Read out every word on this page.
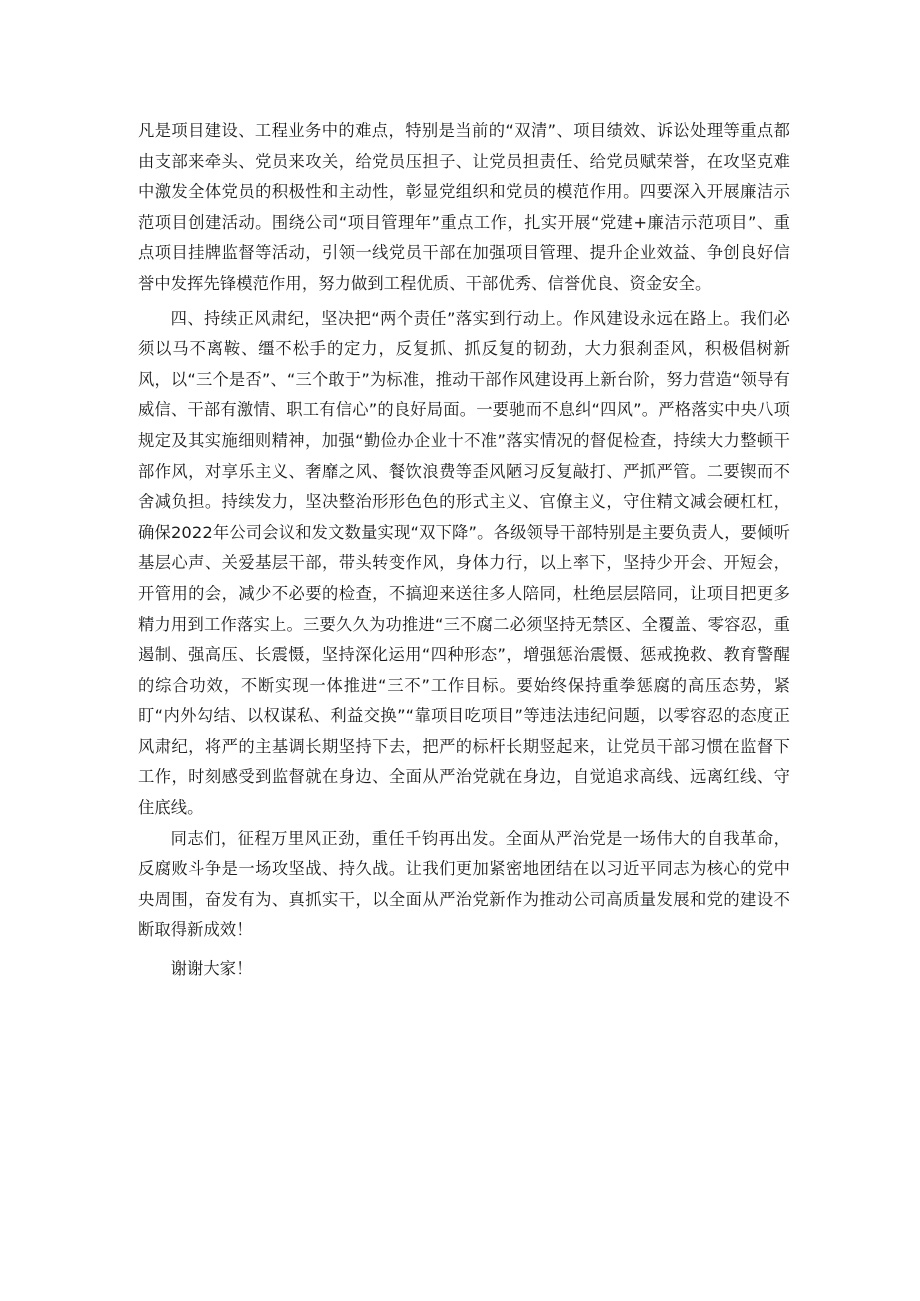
凡是项目建设、工程业务中的难点，特别是当前的“双清”、项目绩效、诉讼处理等重点都由支部来牵头、党员来攻关，给党员压担子、让党员担责任、给党员赋荣誉，在攻坚克难中激发全体党员的积极性和主动性，彰显党组织和党员的模范作用。四要深入开展廉洁示范项目创建活动。围绕公司“项目管理年”重点工作，扎实开展“党建+廉洁示范项目”、重点项目挂牌监督等活动，引领一线党员干部在加强项目管理、提升企业效益、争创良好信誉中发挥先锋模范作用，努力做到工程优质、干部优秀、信誉优良、资金安全。

四、持续正风肃纪，坚决把“两个责任”落实到行动上。作风建设永远在路上。我们必须以马不离鞍、缰不松手的定力，反复抓、抓反复的韧劲，大力狠刹歪风，积极倡树新风，以“三个是否”、“三个敢于”为标准，推动干部作风建设再上新台阶，努力营造“领导有威信、干部有激情、职工有信心”的良好局面。一要驰而不息纠“四风”。严格落实中央八项规定及其实施细则精神，加强“勤俭办企业十不准”落实情况的督促检查，持续大力整顿干部作风，对享乐主义、奢靡之风、餐饮浪费等歪风陋习反复敲打、严抓严管。二要锲而不舍减负担。持续发力，坚决整治形形色色的形式主义、官僚主义，守住精文减会硬杠杠，确保2022年公司会议和发文数量实现“双下降”。各级领导干部特别是主要负责人，要倾听基层心声、关爱基层干部，带头转变作风，身体力行，以上率下，坚持少开会、开短会，开管用的会，减少不必要的检查，不搞迎来送往多人陪同，杜绝层层陪同，让项目把更多精力用到工作落实上。三要久久为功推进“三不腐二必须坚持无禁区、全覆盖、零容忍，重遏制、强高压、长震慑，坚持深化运用“四种形态”，增强惩治震慑、惩戒挽救、教育警醒的综合功效，不断实现一体推进“三不”工作目标。要始终保持重拳惩腐的高压态势，紧盯“内外勾结、以权谋私、利益交换”“靠项目吃项目”等违法违纪问题，以零容忍的态度正风肃纪，将严的主基调长期坚持下去，把严的标杆长期竖起来，让党员干部习惯在监督下工作，时刻感受到监督就在身边、全面从严治党就在身边，自觉追求高线、远离红线、守住底线。

同志们，征程万里风正劲，重任千钧再出发。全面从严治党是一场伟大的自我革命，反腐败斗争是一场攻坚战、持久战。让我们更加紧密地团结在以习近平同志为核心的党中央周围，奋发有为、真抓实干，以全面从严治党新作为推动公司高质量发展和党的建设不断取得新成效！

谢谢大家！
